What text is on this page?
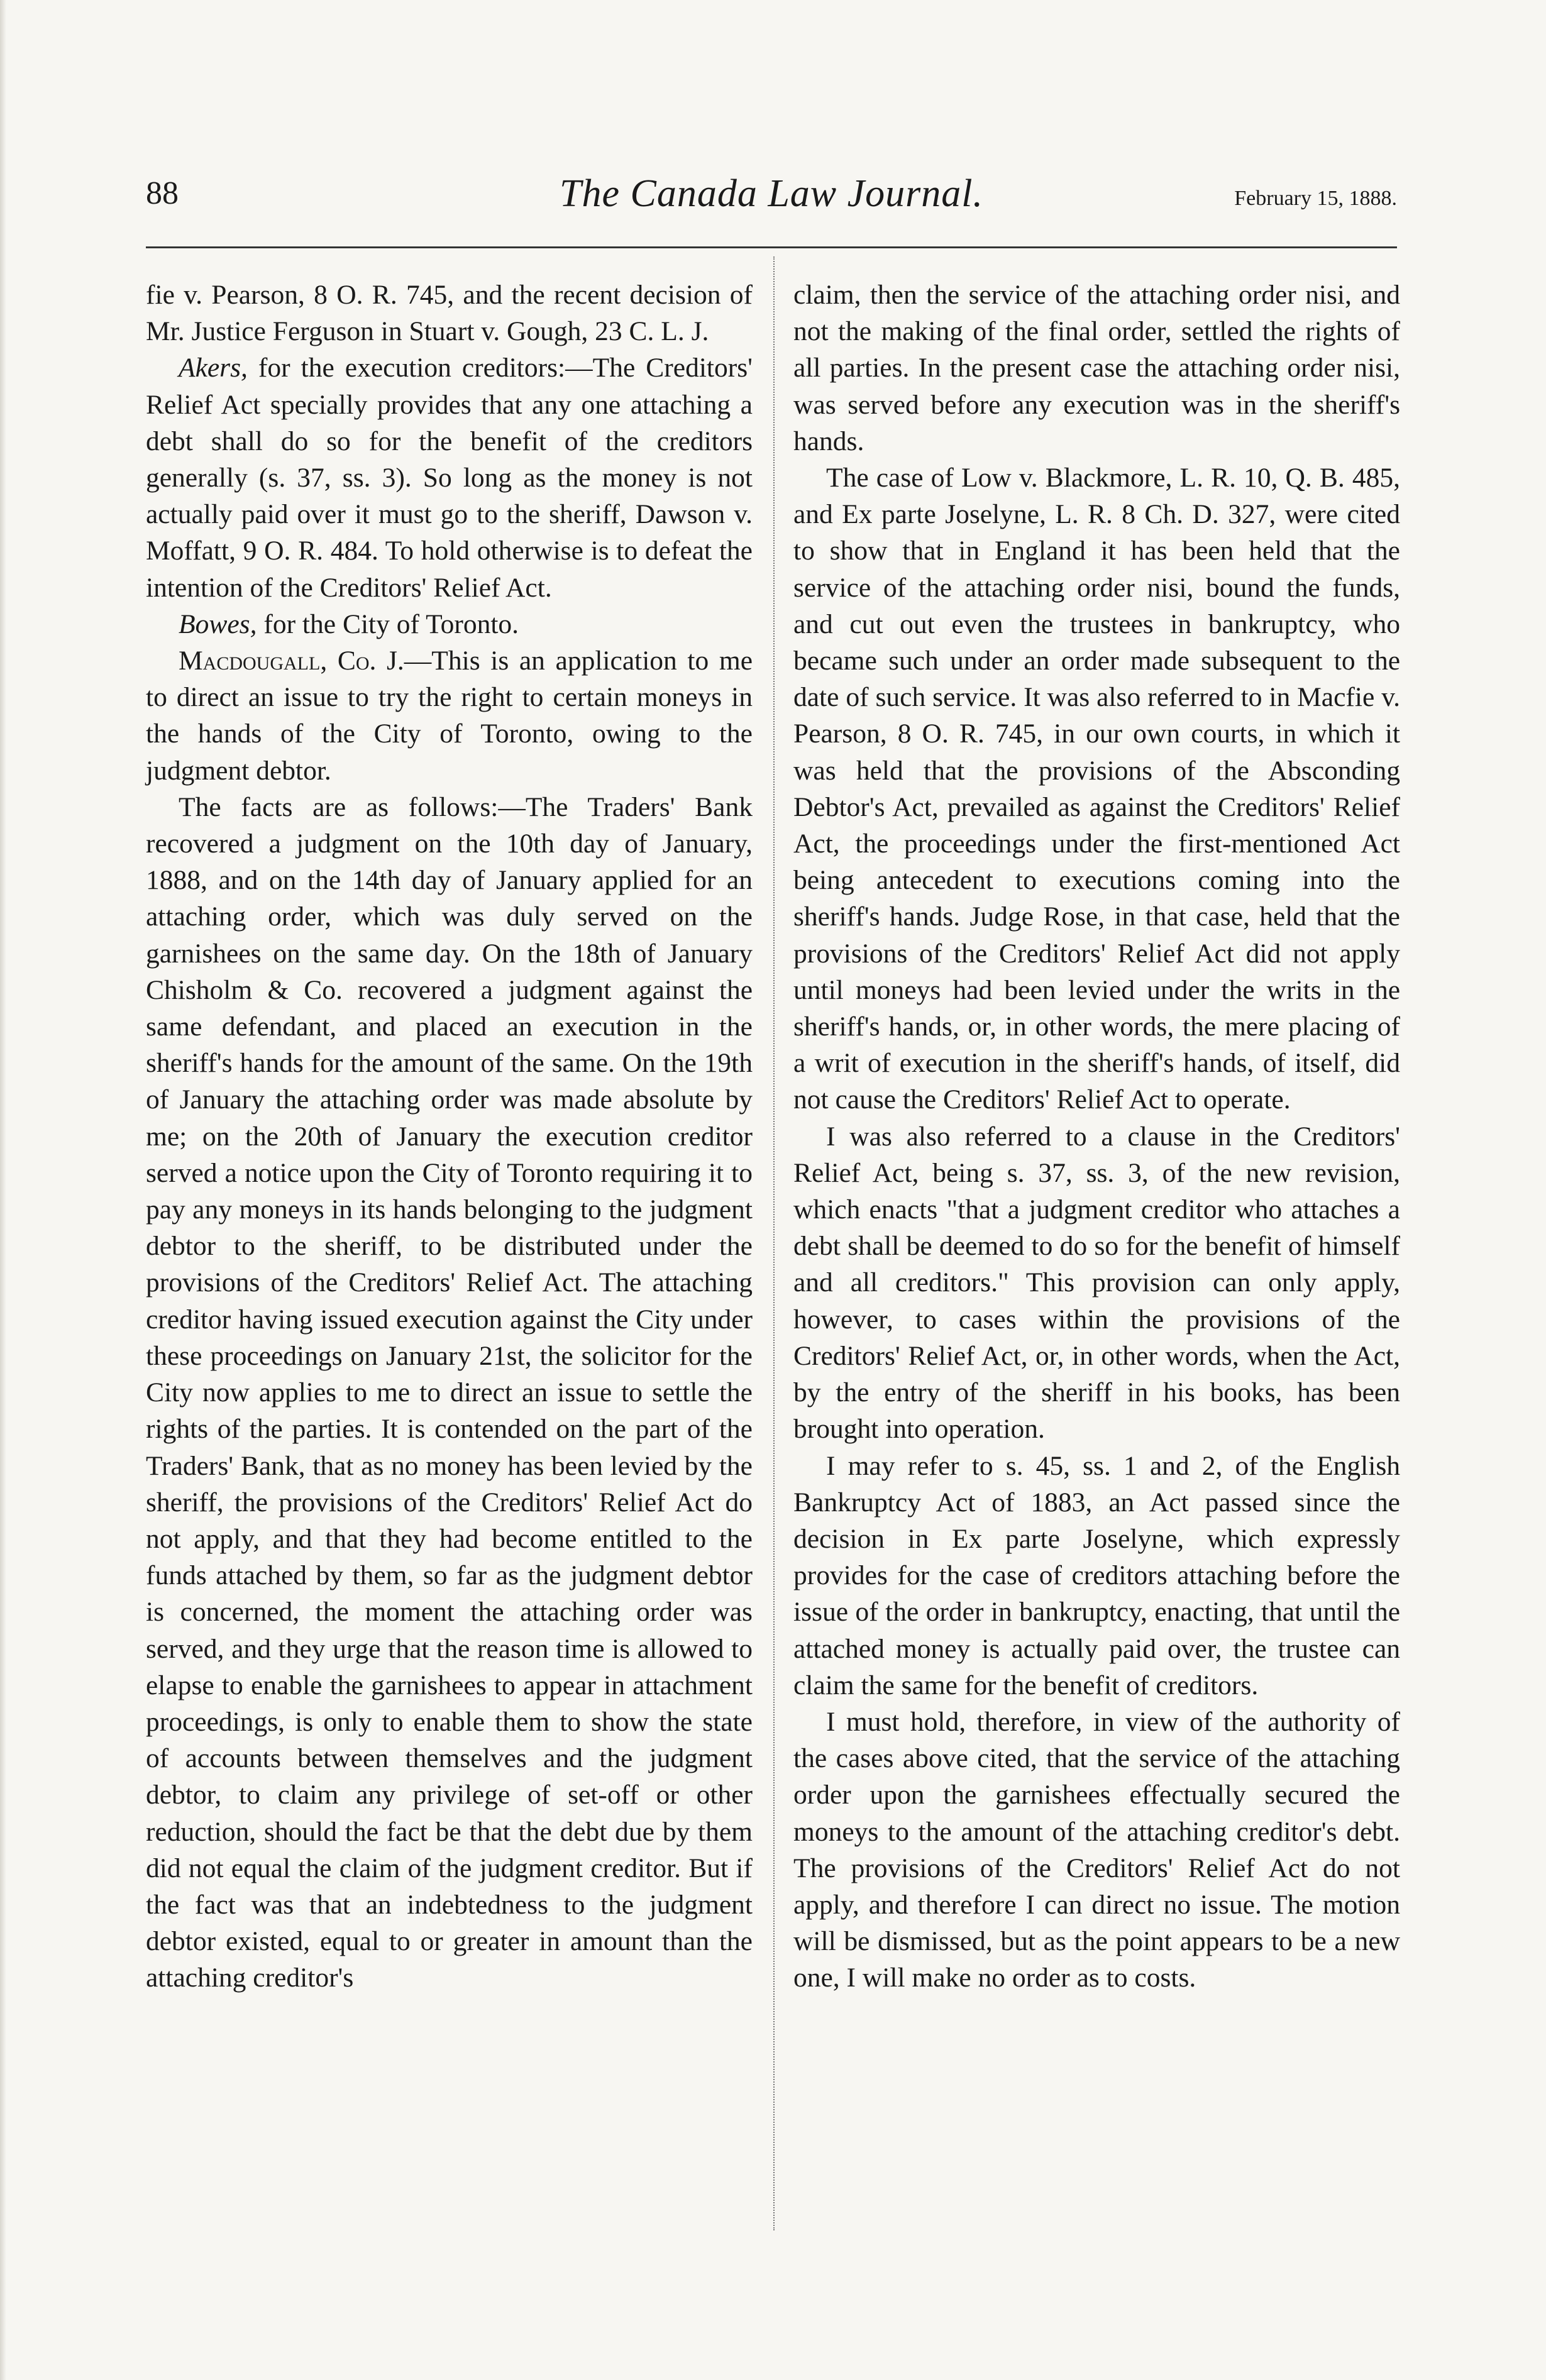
88	The Canada Law Journal.	February 15, 1888.

fie v. Pearson, 8 O. R. 745, and the recent decision of Mr. Justice Ferguson in Stuart v. Gough, 23 C. L. J.

Akers, for the execution creditors:—The Creditors' Relief Act specially provides that any one attaching a debt shall do so for the benefit of the creditors generally (s. 37, ss. 3). So long as the money is not actually paid over it must go to the sheriff, Dawson v. Moffatt, 9 O. R. 484. To hold otherwise is to defeat the intention of the Creditors' Relief Act.

Bowes, for the City of Toronto.

Macdougall, Co. J.—This is an application to me to direct an issue to try the right to certain moneys in the hands of the City of Toronto, owing to the judgment debtor.

The facts are as follows:—The Traders' Bank recovered a judgment on the 10th day of January, 1888, and on the 14th day of January applied for an attaching order, which was duly served on the garnishees on the same day. On the 18th of January Chisholm & Co. recovered a judgment against the same defendant, and placed an execution in the sheriff's hands for the amount of the same. On the 19th of January the attaching order was made absolute by me; on the 20th of January the execution creditor served a notice upon the City of Toronto requiring it to pay any moneys in its hands belonging to the judgment debtor to the sheriff, to be distributed under the provisions of the Creditors' Relief Act. The attaching creditor having issued execution against the City under these proceedings on January 21st, the solicitor for the City now applies to me to direct an issue to settle the rights of the parties. It is contended on the part of the Traders' Bank, that as no money has been levied by the sheriff, the provisions of the Creditors' Relief Act do not apply, and that they had become entitled to the funds attached by them, so far as the judgment debtor is concerned, the moment the attaching order was served, and they urge that the reason time is allowed to elapse to enable the garnishees to appear in attachment proceedings, is only to enable them to show the state of accounts between themselves and the judgment debtor, to claim any privilege of set-off or other reduction, should the fact be that the debt due by them did not equal the claim of the judgment creditor. But if the fact was that an indebtedness to the judgment debtor existed, equal to or greater in amount than the attaching creditor's

claim, then the service of the attaching order nisi, and not the making of the final order, settled the rights of all parties. In the present case the attaching order nisi, was served before any execution was in the sheriff's hands.

The case of Low v. Blackmore, L. R. 10, Q. B. 485, and Ex parte Joselyne, L. R. 8 Ch. D. 327, were cited to show that in England it has been held that the service of the attaching order nisi, bound the funds, and cut out even the trustees in bankruptcy, who became such under an order made subsequent to the date of such service. It was also referred to in Macfie v. Pearson, 8 O. R. 745, in our own courts, in which it was held that the provisions of the Absconding Debtor's Act, prevailed as against the Creditors' Relief Act, the proceedings under the first-mentioned Act being antecedent to executions coming into the sheriff's hands. Judge Rose, in that case, held that the provisions of the Creditors' Relief Act did not apply until moneys had been levied under the writs in the sheriff's hands, or, in other words, the mere placing of a writ of execution in the sheriff's hands, of itself, did not cause the Creditors' Relief Act to operate.

I was also referred to a clause in the Creditors' Relief Act, being s. 37, ss. 3, of the new revision, which enacts "that a judgment creditor who attaches a debt shall be deemed to do so for the benefit of himself and all creditors." This provision can only apply, however, to cases within the provisions of the Creditors' Relief Act, or, in other words, when the Act, by the entry of the sheriff in his books, has been brought into operation.

I may refer to s. 45, ss. 1 and 2, of the English Bankruptcy Act of 1883, an Act passed since the decision in Ex parte Joselyne, which expressly provides for the case of creditors attaching before the issue of the order in bankruptcy, enacting, that until the attached money is actually paid over, the trustee can claim the same for the benefit of creditors.

I must hold, therefore, in view of the authority of the cases above cited, that the service of the attaching order upon the garnishees effectually secured the moneys to the amount of the attaching creditor's debt. The provisions of the Creditors' Relief Act do not apply, and therefore I can direct no issue. The motion will be dismissed, but as the point appears to be a new one, I will make no order as to costs.
